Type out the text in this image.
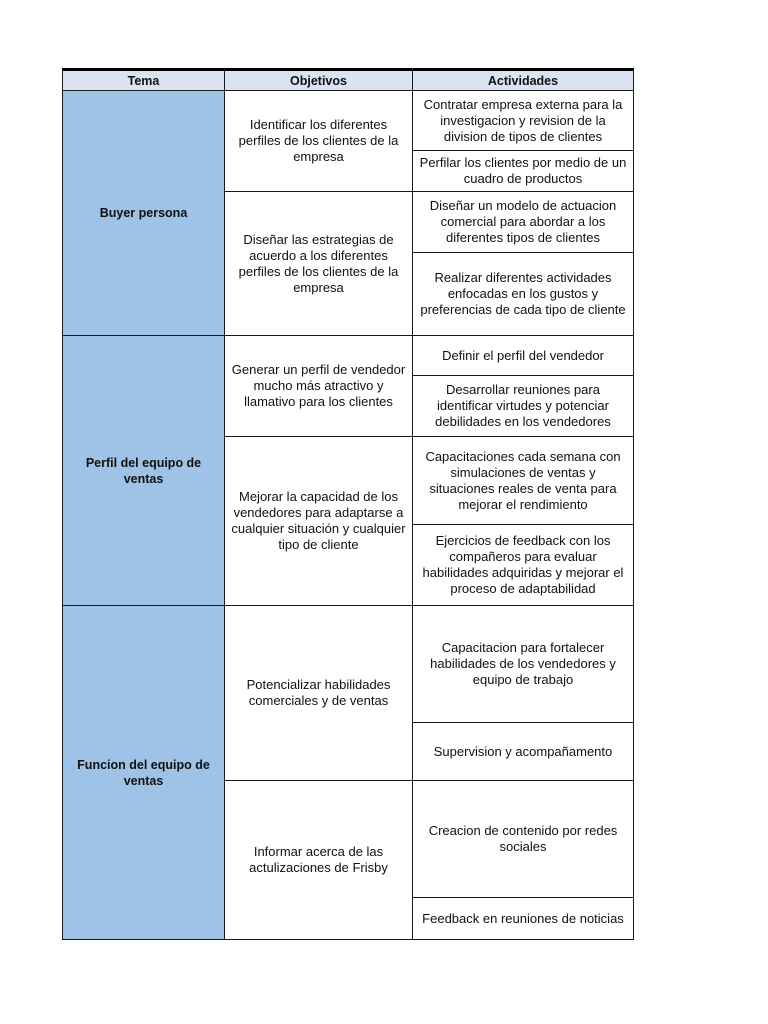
Tema	Objetivos	Actividades
Buyer persona
Identificar los diferentes perfiles de los clientes de la empresa
Contratar empresa externa para la investigacion y revision de la division de tipos de clientes
Perfilar los clientes por medio de un cuadro de productos
Diseñar las estrategias de acuerdo a los diferentes perfiles de los clientes de la empresa
Diseñar un modelo de actuacion comercial para abordar a los diferentes tipos de clientes
Realizar diferentes actividades enfocadas en los gustos y preferencias de cada tipo de cliente
Perfil del equipo de ventas
Generar un perfil de vendedor mucho más atractivo y llamativo para los clientes
Definir el perfil del vendedor
Desarrollar reuniones para identificar virtudes y potenciar debilidades en los vendedores
Mejorar la capacidad de los vendedores para adaptarse a cualquier situación y cualquier tipo de cliente
Capacitaciones cada semana con simulaciones de ventas y situaciones reales de venta para mejorar el rendimiento
Ejercicios de feedback con los compañeros para evaluar habilidades adquiridas y mejorar el proceso de adaptabilidad
Funcion del equipo de ventas
Potencializar habilidades comerciales y de ventas
Capacitacion para fortalecer habilidades de los vendedores y equipo de trabajo
Supervision y acompañamento
Informar acerca de las actulizaciones de Frisby
Creacion de contenido por redes sociales
Feedback en reuniones de noticias
